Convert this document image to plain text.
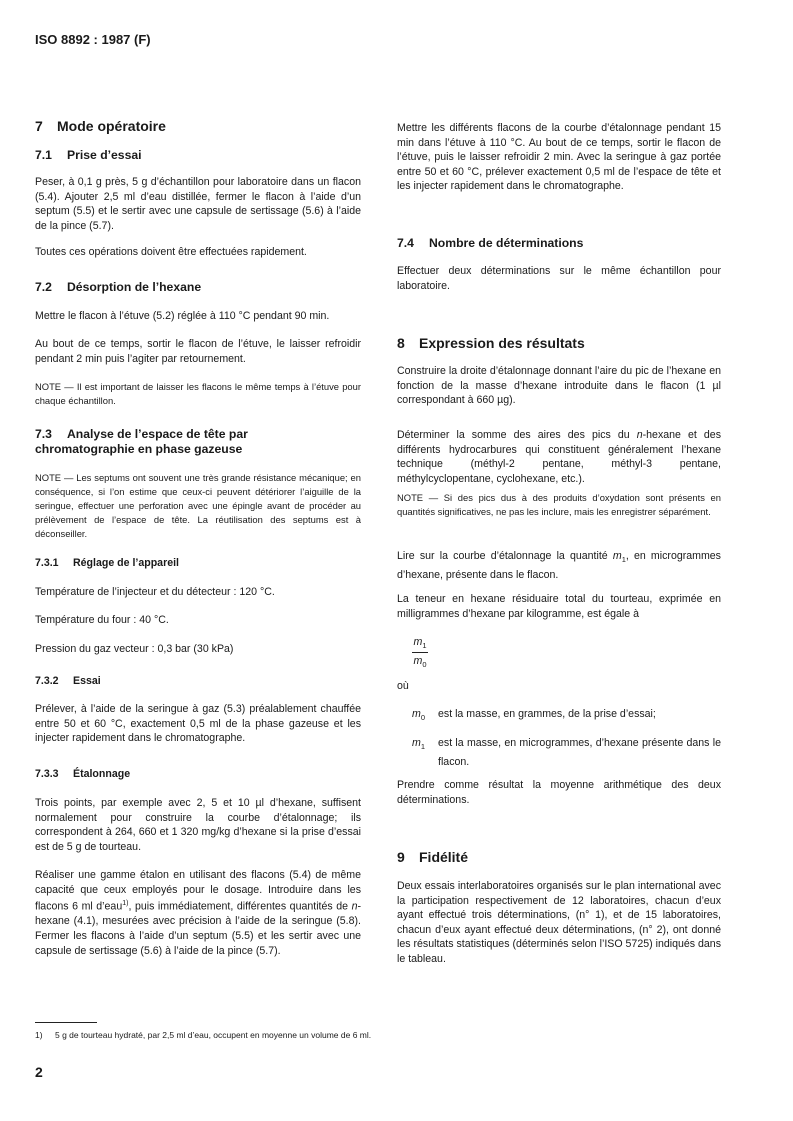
ISO 8892 : 1987 (F)
7 Mode opératoire
7.1 Prise d’essai

Peser, à 0,1 g près, 5 g d’échantillon pour laboratoire dans un flacon (5.4). Ajouter 2,5 ml d’eau distillée, fermer le flacon à l’aide d’un septum (5.5) et le sertir avec une capsule de sertissage (5.6) à l’aide de la pince (5.7).

Toutes ces opérations doivent être effectuées rapidement.

7.2 Désorption de l’hexane

Mettre le flacon à l’étuve (5.2) réglée à 110 °C pendant 90 min.

Au bout de ce temps, sortir le flacon de l’étuve, le laisser refroidir pendant 2 min puis l’agiter par retournement.

NOTE — Il est important de laisser les flacons le même temps à l’étuve pour chaque échantillon.
7.3 Analyse de l’espace de tête par chromatographie en phase gazeuse
NOTE — Les septums ont souvent une très grande résistance mécanique; en conséquence, si l’on estime que ceux-ci peuvent détériorer l’aiguille de la seringue, effectuer une perforation avec une épingle avant de procéder au prélèvement de l’espace de tête. La réutilisation des septums est à déconseiller.
7.3.1 Réglage de l’appareil

Température de l’injecteur et du détecteur : 120 °C.

Température du four : 40 °C.

Pression du gaz vecteur : 0,3 bar (30 kPa)

7.3.2 Essai

Prélever, à l’aide de la seringue à gaz (5.3) préalablement chauffée entre 50 et 60 °C, exactement 0,5 ml de la phase gazeuse et les injecter rapidement dans le chromatographe.

7.3.3 Étalonnage

Trois points, par exemple avec 2, 5 et 10 µl d’hexane, suffisent normalement pour construire la courbe d’étalonnage; ils correspondent à 264, 660 et 1 320 mg/kg d’hexane si la prise d’essai est de 5 g de tourteau.

Réaliser une gamme étalon en utilisant des flacons (5.4) de même capacité que ceux employés pour le dosage. Introduire dans les flacons 6 ml d’eau$^{1)}$, puis immédiatement, différentes quantités de n-hexane (4.1), mesurées avec précision à l’aide de la seringue (5.8). Fermer les flacons à l’aide d’un septum (5.5) et les sertir avec une capsule de sertissage (5.6) à l’aide de la pince (5.7).

Mettre les différents flacons de la courbe d’étalonnage pendant 15 min dans l’étuve à 110 °C. Au bout de ce temps, sortir le flacon de l’étuve, puis le laisser refroidir 2 min. Avec la seringue à gaz portée entre 50 et 60 °C, prélever exactement 0,5 ml de l’espace de tête et les injecter rapidement dans le chromatographe.

7.4 Nombre de déterminations

Effectuer deux déterminations sur le même échantillon pour laboratoire.

8 Expression des résultats

Construire la droite d’étalonnage donnant l’aire du pic de l’hexane en fonction de la masse d’hexane introduite dans le flacon (1 µl correspondant à 660 µg).

Déterminer la somme des aires des pics du n-hexane et des différents hydrocarbures qui constituent généralement l’hexane technique (méthyl-2 pentane, méthyl-3 pentane, méthylcyclopentane, cyclohexane, etc.).

NOTE — Si des pics dus à des produits d’oxydation sont présents en quantités significatives, ne pas les inclure, mais les enregistrer séparément.

Lire sur la courbe d’étalonnage la quantité $m_1$, en microgrammes d’hexane, présente dans le flacon.

La teneur en hexane résiduaire total du tourteau, exprimée en milligrammes d’hexane par kilogramme, est égale à

$m_1$
$m_0$

où

$m_0$ est la masse, en grammes, de la prise d’essai;

$m_1$ est la masse, en microgrammes, d’hexane présente dans le flacon.

Prendre comme résultat la moyenne arithmétique des deux déterminations.

9 Fidélité

Deux essais interlaboratoires organisés sur le plan international avec la participation respectivement de 12 laboratoires, chacun d’eux ayant effectué trois déterminations, (n° 1), et de 15 laboratoires, chacun d’eux ayant effectué deux déterminations, (n° 2), ont donné les résultats statistiques (déterminés selon l’ISO 5725) indiqués dans le tableau.

1) 5 g de tourteau hydraté, par 2,5 ml d’eau, occupent en moyenne un volume de 6 ml.
2
